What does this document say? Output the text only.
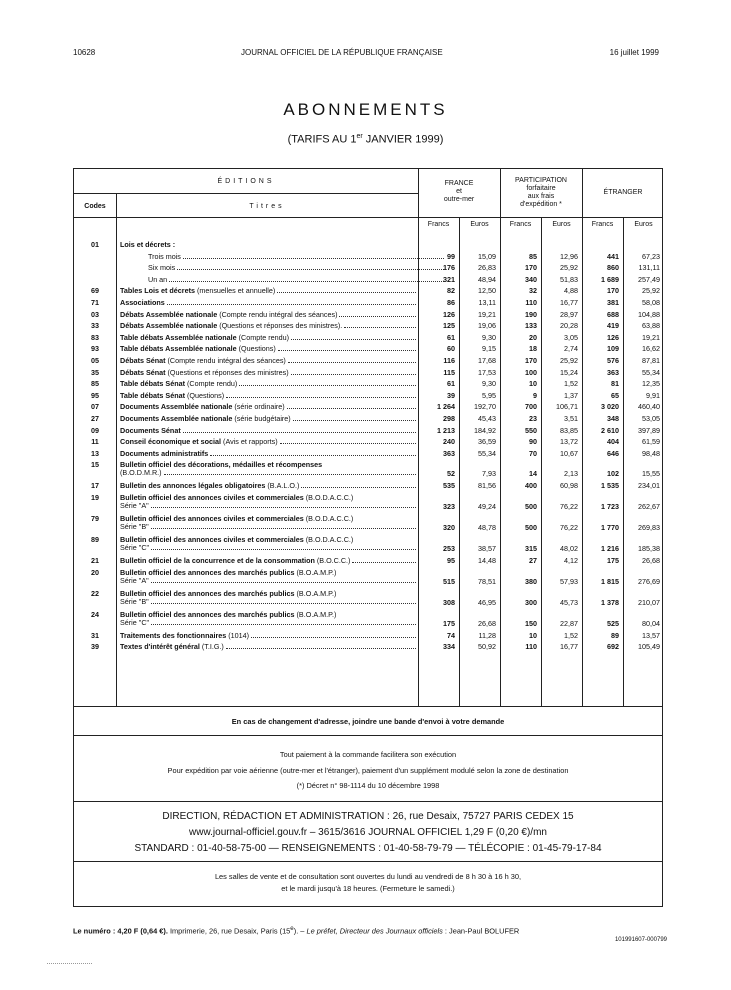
10628	JOURNAL OFFICIEL DE LA RÉPUBLIQUE FRANÇAISE	16 juillet 1999
ABONNEMENTS
(TARIFS AU 1er JANVIER 1999)
ÉDITIONS
Codes	Titres
FRANCE
et
outre-mer
PARTICIPATION
forfaitaire
aux frais
d'expédition *
ÉTRANGER
Francs	Euros	Francs	Euros	Francs	Euros
01	Lois et décrets :
Trois mois	99	15,09	85	12,96	441	67,23
Six mois	176	26,83	170	25,92	860	131,11
Un an	321	48,94	340	51,83	1 689	257,49
69	Tables Lois et décrets (mensuelles et annuelle)	82	12,50	32	4,88	170	25,92
71	Associations	86	13,11	110	16,77	381	58,08
03	Débats Assemblée nationale (Compte rendu intégral des séances)	126	19,21	190	28,97	688	104,88
33	Débats Assemblée nationale (Questions et réponses des ministres).	125	19,06	133	20,28	419	63,88
83	Table débats Assemblée nationale (Compte rendu)	61	9,30	20	3,05	126	19,21
93	Table débats Assemblée nationale (Questions)	60	9,15	18	2,74	109	16,62
05	Débats Sénat (Compte rendu intégral des séances)	116	17,68	170	25,92	576	87,81
35	Débats Sénat (Questions et réponses des ministres)	115	17,53	100	15,24	363	55,34
85	Table débats Sénat (Compte rendu)	61	9,30	10	1,52	81	12,35
95	Table débats Sénat (Questions)	39	5,95	9	1,37	65	9,91
07	Documents Assemblée nationale (série ordinaire)	1 264	192,70	700	106,71	3 020	460,40
27	Documents Assemblée nationale (série budgétaire)	298	45,43	23	3,51	348	53,05
09	Documents Sénat	1 213	184,92	550	83,85	2 610	397,89
11	Conseil économique et social (Avis et rapports)	240	36,59	90	13,72	404	61,59
13	Documents administratifs	363	55,34	70	10,67	646	98,48
15	Bulletin officiel des décorations, médailles et récompenses
(B.O.D.M.R.)	52	7,93	14	2,13	102	15,55
17	Bulletin des annonces légales obligatoires (B.A.L.O.)	535	81,56	400	60,98	1 535	234,01
19	Bulletin officiel des annonces civiles et commerciales (B.O.D.A.C.C.)
Série "A"	323	49,24	500	76,22	1 723	262,67
79	Bulletin officiel des annonces civiles et commerciales (B.O.D.A.C.C.)
Série "B"	320	48,78	500	76,22	1 770	269,83
89	Bulletin officiel des annonces civiles et commerciales (B.O.D.A.C.C.)
Série "C"	253	38,57	315	48,02	1 216	185,38
21	Bulletin officiel de la concurrence et de la consommation (B.O.C.C.)	95	14,48	27	4,12	175	26,68
20	Bulletin officiel des annonces des marchés publics (B.O.A.M.P.)
Série "A"	515	78,51	380	57,93	1 815	276,69
22	Bulletin officiel des annonces des marchés publics (B.O.A.M.P.)
Série "B"	308	46,95	300	45,73	1 378	210,07
24	Bulletin officiel des annonces des marchés publics (B.O.A.M.P.)
Série "C"	175	26,68	150	22,87	525	80,04
31	Traitements des fonctionnaires (1014)	74	11,28	10	1,52	89	13,57
39	Textes d'intérêt général (T.I.G.)	334	50,92	110	16,77	692	105,49
En cas de changement d'adresse, joindre une bande d'envoi à votre demande
Tout paiement à la commande facilitera son exécution
Pour expédition par voie aérienne (outre-mer et l'étranger), paiement d'un supplément modulé selon la zone de destination
(*) Décret n° 98-1114 du 10 décembre 1998
DIRECTION, RÉDACTION ET ADMINISTRATION : 26, rue Desaix, 75727 PARIS CEDEX 15
www.journal-officiel.gouv.fr – 3615/3616 JOURNAL OFFICIEL 1,29 F (0,20 €)/mn
STANDARD : 01-40-58-75-00 — RENSEIGNEMENTS : 01-40-58-79-79 — TÉLÉCOPIE : 01-45-79-17-84
Les salles de vente et de consultation sont ouvertes du lundi au vendredi de 8 h 30 à 16 h 30,
et le mardi jusqu'à 18 heures. (Fermeture le samedi.)
Le numéro : 4,20 F (0,64 €). Imprimerie, 26, rue Desaix, Paris (15e). – Le préfet, Directeur des Journaux officiels : Jean-Paul BOLUFER
101991607-000799
